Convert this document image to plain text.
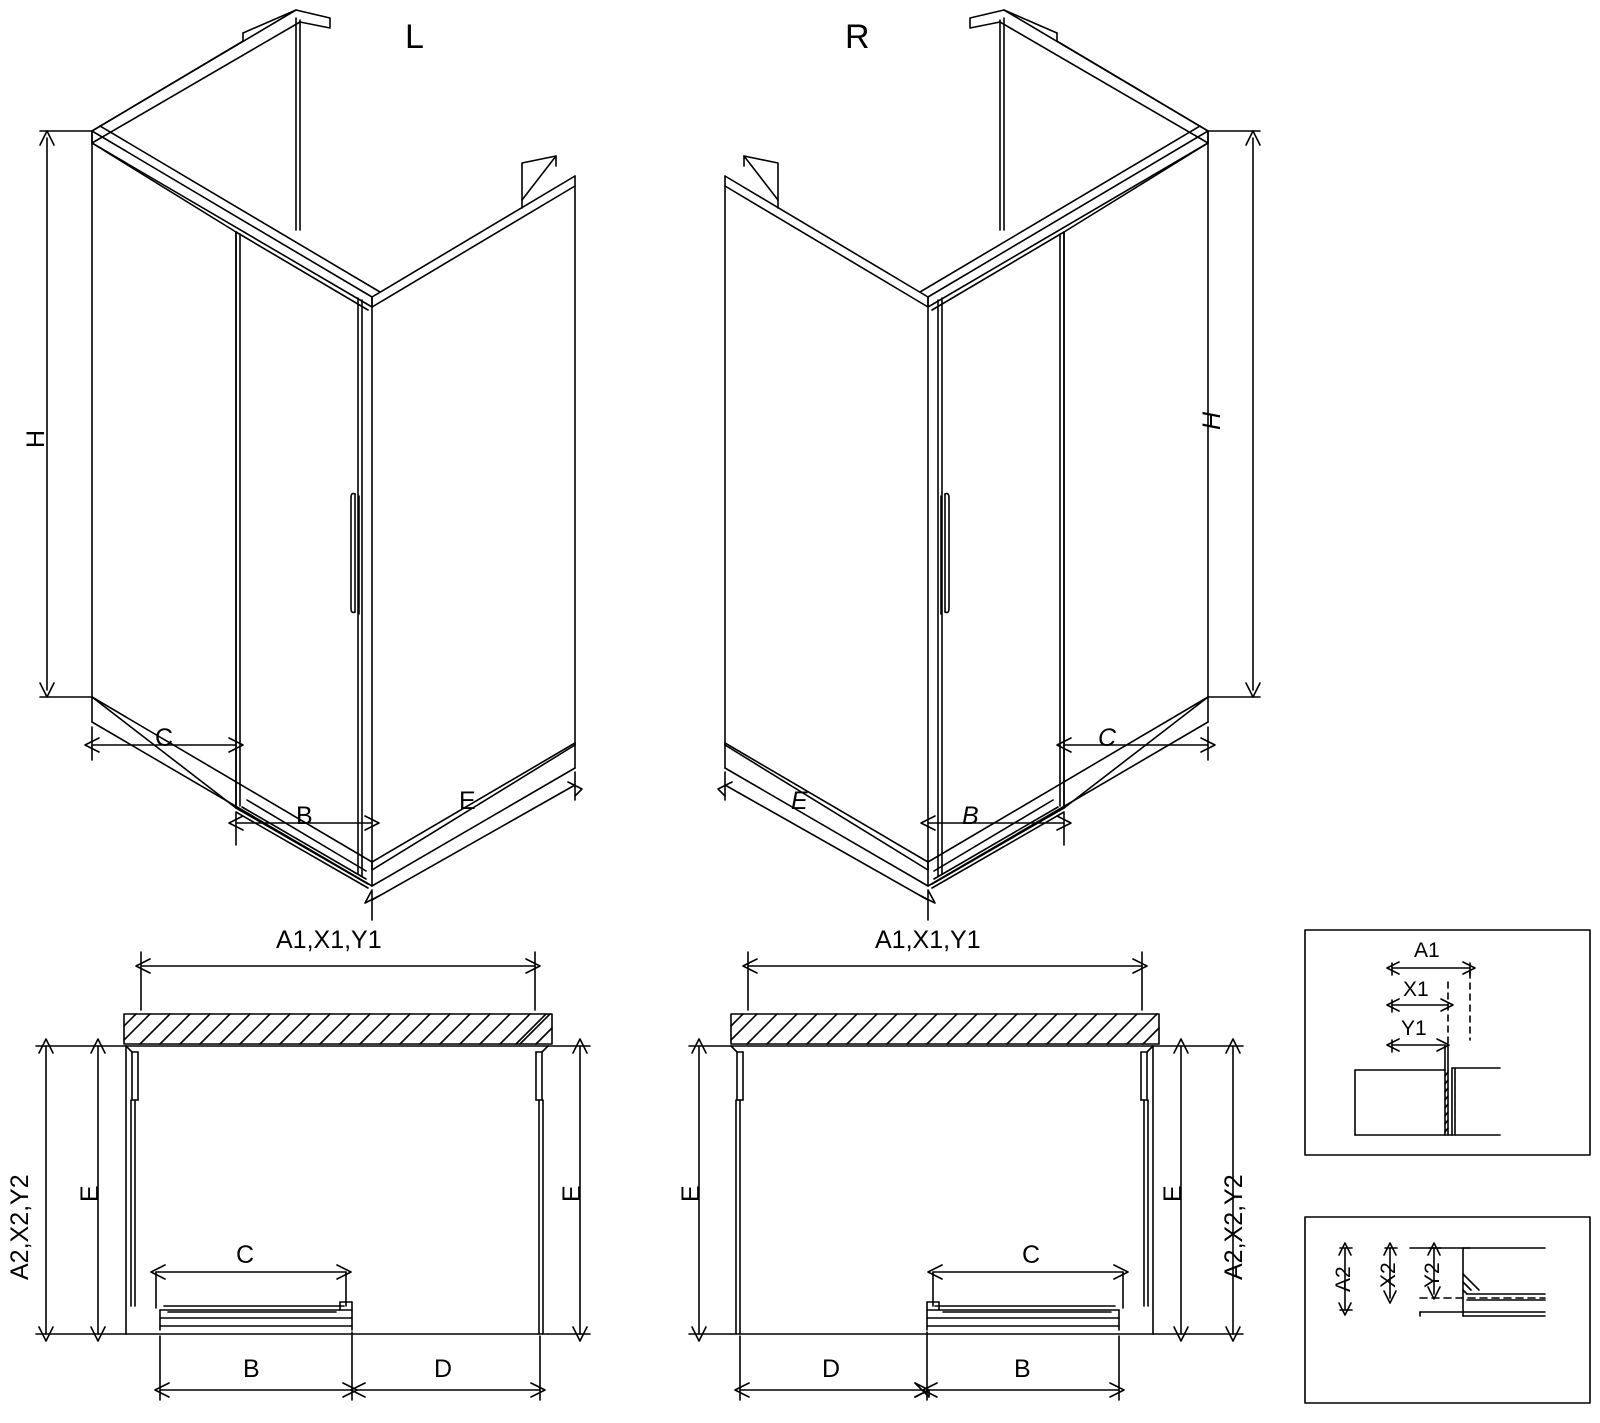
L
H
C
B
E
R
H
C
B
E
A1,X1,Y1
A2,X2,Y2 E	E
C
B	D
A1,X1,Y1
A2,X2,Y2
E	E
C
D	B
A1
X1
Y1
A2 X2 Y2
